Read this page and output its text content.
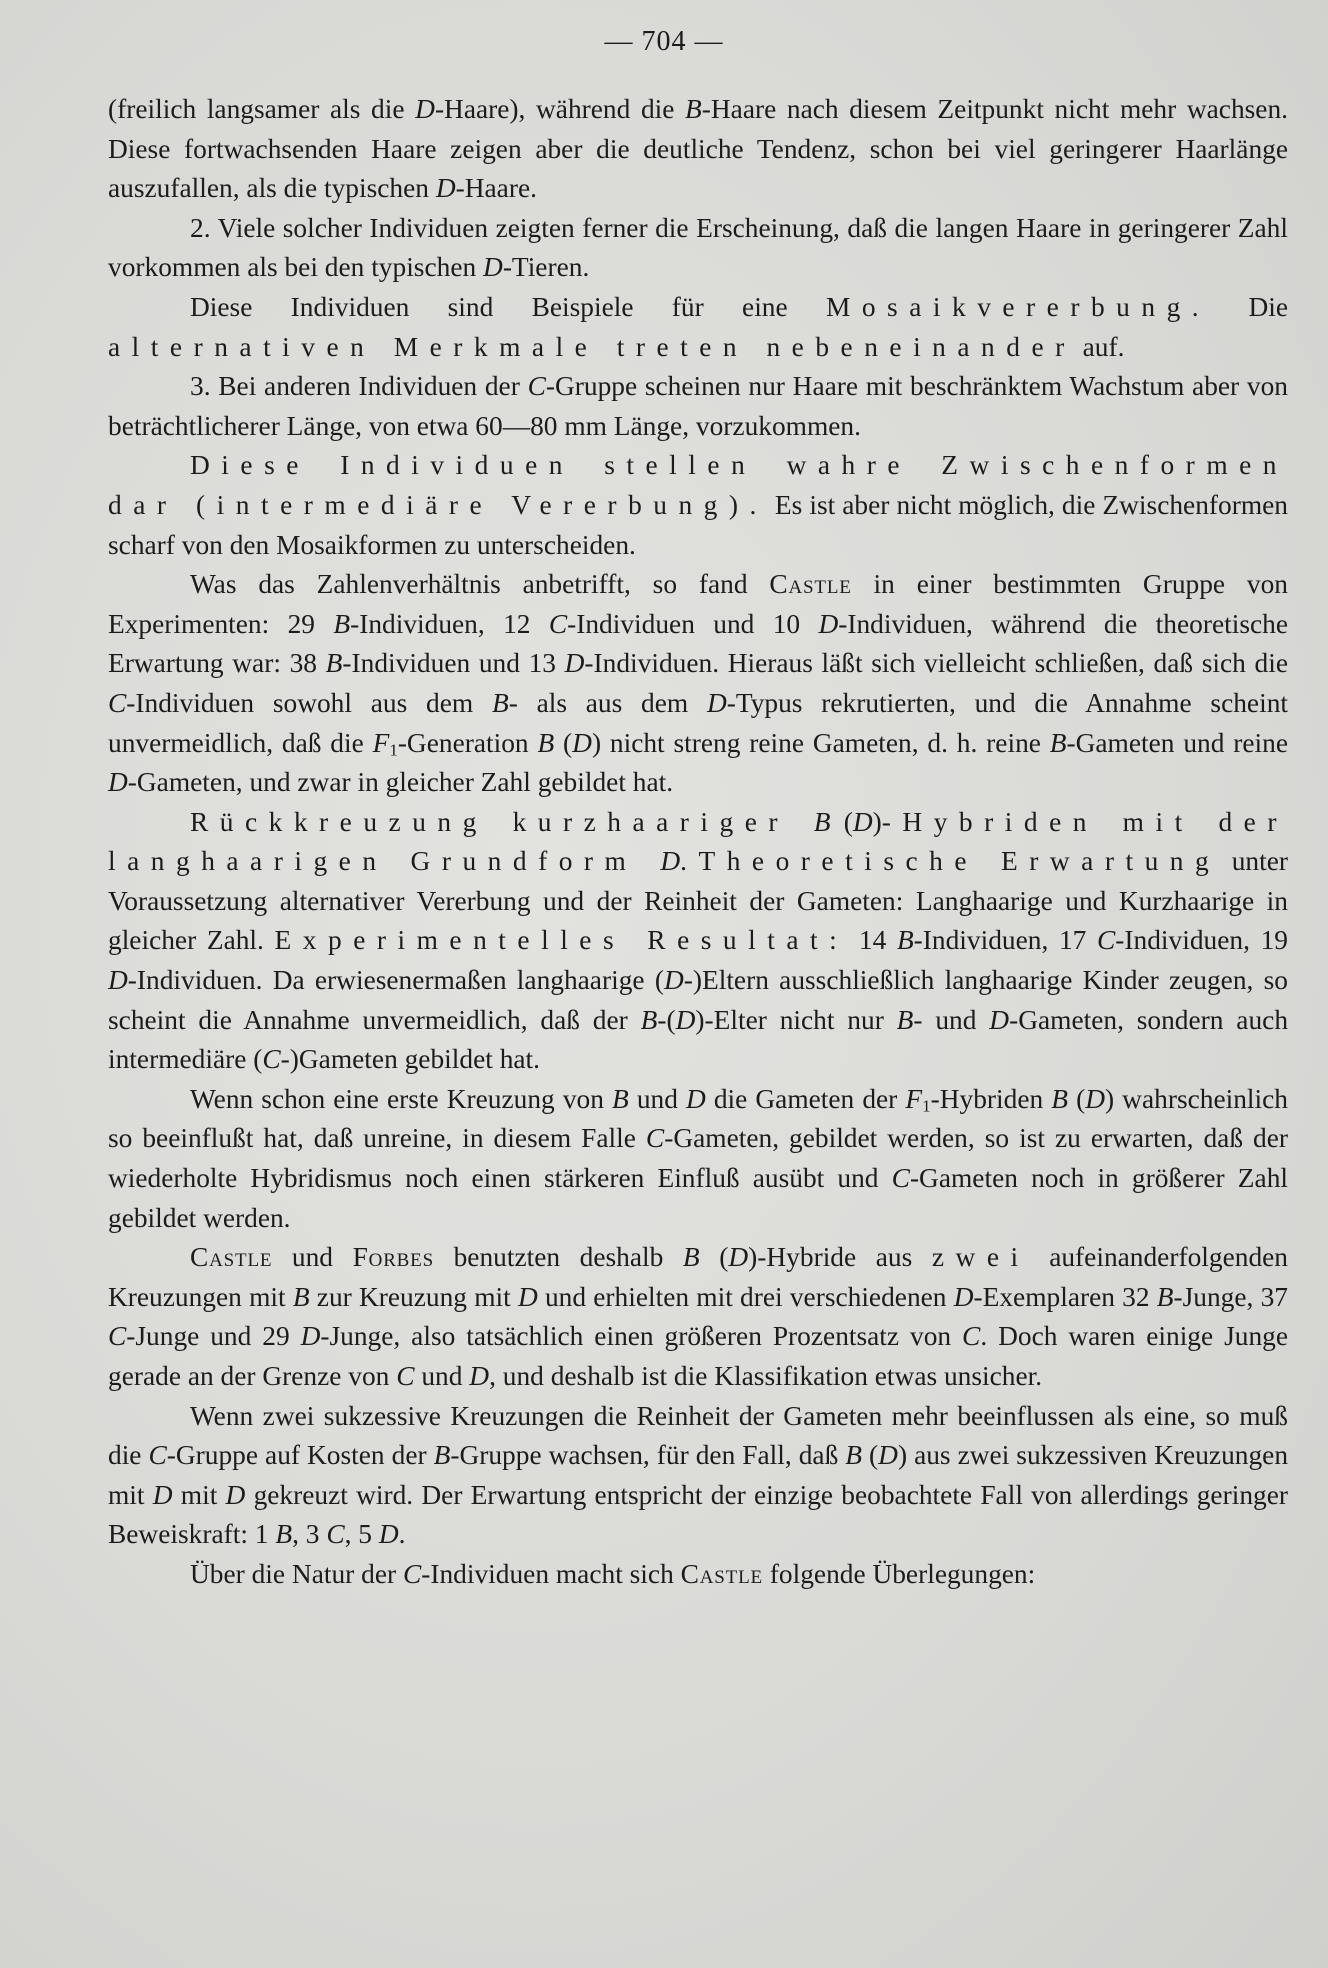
— 704 —

(freilich langsamer als die D-Haare), während die B-Haare nach diesem Zeitpunkt nicht mehr wachsen. Diese fortwachsenden Haare zeigen aber die deutliche Tendenz, schon bei viel geringerer Haarlänge auszufallen, als die typischen D-Haare.

2. Viele solcher Individuen zeigten ferner die Erscheinung, daß die langen Haare in geringerer Zahl vorkommen als bei den typischen D-Tieren.

Diese Individuen sind Beispiele für eine Mosaikvererbung. Die alternativen Merkmale treten nebeneinander auf.

3. Bei anderen Individuen der C-Gruppe scheinen nur Haare mit beschränktem Wachstum aber von beträchtlicherer Länge, von etwa 60—80 mm Länge, vorzukommen.

Diese Individuen stellen wahre Zwischenformen dar (intermediäre Vererbung). Es ist aber nicht möglich, die Zwischenformen scharf von den Mosaikformen zu unterscheiden.

Was das Zahlenverhältnis anbetrifft, so fand Castle in einer bestimmten Gruppe von Experimenten: 29 B-Individuen, 12 C-Individuen und 10 D-Individuen, während die theoretische Erwartung war: 38 B-Individuen und 13 D-Individuen. Hieraus läßt sich vielleicht schließen, daß sich die C-Individuen sowohl aus dem B- als aus dem D-Typus rekrutierten, und die Annahme scheint unvermeidlich, daß die $F_1$-Generation B (D) nicht streng reine Gameten, d. h. reine B-Gameten und reine D-Gameten, und zwar in gleicher Zahl gebildet hat.

Rückkreuzung kurzhaariger B (D)-Hybriden mit der langhaarigen Grundform D. Theoretische Erwartung unter Voraussetzung alternativer Vererbung und der Reinheit der Gameten: Langhaarige und Kurzhaarige in gleicher Zahl. Experimentelles Resultat: 14 B-Individuen, 17 C-Individuen, 19 D-Individuen. Da erwiesenermaßen langhaarige (D-)Eltern ausschließlich langhaarige Kinder zeugen, so scheint die Annahme unvermeidlich, daß der B-(D)-Elter nicht nur B- und D-Gameten, sondern auch intermediäre (C-)Gameten gebildet hat.

Wenn schon eine erste Kreuzung von B und D die Gameten der $F_1$-Hybriden B (D) wahrscheinlich so beeinflußt hat, daß unreine, in diesem Falle C-Gameten, gebildet werden, so ist zu erwarten, daß der wiederholte Hybridismus noch einen stärkeren Einfluß ausübt und C-Gameten noch in größerer Zahl gebildet werden.

Castle und Forbes benutzten deshalb B (D)-Hybride aus zwei aufeinanderfolgenden Kreuzungen mit B zur Kreuzung mit D und erhielten mit drei verschiedenen D-Exemplaren 32 B-Junge, 37 C-Junge und 29 D-Junge, also tatsächlich einen größeren Prozentsatz von C. Doch waren einige Junge gerade an der Grenze von C und D, und deshalb ist die Klassifikation etwas unsicher.

Wenn zwei sukzessive Kreuzungen die Reinheit der Gameten mehr beeinflussen als eine, so muß die C-Gruppe auf Kosten der B-Gruppe wachsen, für den Fall, daß B (D) aus zwei sukzessiven Kreuzungen mit D mit D gekreuzt wird. Der Erwartung entspricht der einzige beobachtete Fall von allerdings geringer Beweiskraft: 1 B, 3 C, 5 D.

Über die Natur der C-Individuen macht sich Castle folgende Überlegungen:
